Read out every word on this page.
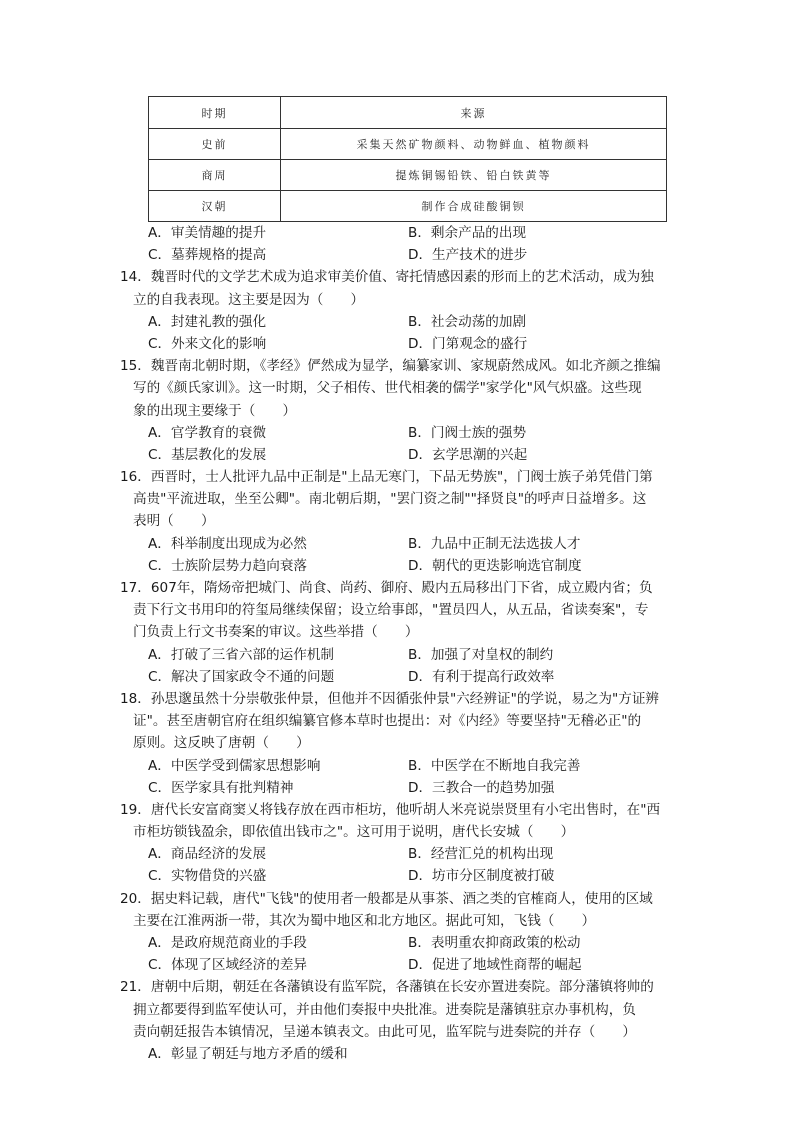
时期	来源
史前	采集天然矿物颜料、动物鲜血、植物颜料
商周	提炼铜锡铅铁、铅白铁黄等
汉朝	制作合成硅酸铜钡
A．审美情趣的提升	B．剩余产品的出现
C．墓葬规格的提高	D．生产技术的进步
14．魏晋时代的文学艺术成为追求审美价值、寄托情感因素的形而上的艺术活动，成为独
立的自我表现。这主要是因为（　　）
A．封建礼教的强化	B．社会动荡的加剧
C．外来文化的影响	D．门第观念的盛行
15．魏晋南北朝时期，《孝经》俨然成为显学，编纂家训、家规蔚然成风。如北齐颜之推编
写的《颜氏家训》。这一时期，父子相传、世代相袭的儒学"家学化"风气炽盛。这些现
象的出现主要缘于（　　）
A．官学教育的衰微	B．门阀士族的强势
C．基层教化的发展	D．玄学思潮的兴起
16．西晋时，士人批评九品中正制是"上品无寒门，下品无势族"，门阀士族子弟凭借门第
高贵"平流进取，坐至公卿"。南北朝后期，"罢门资之制""择贤良"的呼声日益增多。这
表明（　　）
A．科举制度出现成为必然	B．九品中正制无法选拔人才
C．士族阶层势力趋向衰落	D．朝代的更迭影响选官制度
17．607年，隋炀帝把城门、尚食、尚药、御府、殿内五局移出门下省，成立殿内省；负
责下行文书用印的符玺局继续保留；设立给事郎，"置员四人，从五品，省读奏案"，专
门负责上行文书奏案的审议。这些举措（　　）
A．打破了三省六部的运作机制	B．加强了对皇权的制约
C．解决了国家政令不通的问题	D．有利于提高行政效率
18．孙思邈虽然十分崇敬张仲景，但他并不因循张仲景"六经辨证"的学说，易之为"方证辨
证"。甚至唐朝官府在组织编纂官修本草时也提出：对《内经》等要坚持"无稽必正"的
原则。这反映了唐朝（　　）
A．中医学受到儒家思想影响	B．中医学在不断地自我完善
C．医学家具有批判精神	D．三教合一的趋势加强
19．唐代长安富商窦乂将钱存放在西市柜坊，他听胡人米亮说崇贤里有小宅出售时，在"西
市柜坊锁钱盈余，即依值出钱市之"。这可用于说明，唐代长安城（　　）
A．商品经济的发展	B．经营汇兑的机构出现
C．实物借贷的兴盛	D．坊市分区制度被打破
20．据史料记载，唐代"飞钱"的使用者一般都是从事茶、酒之类的官榷商人，使用的区域
主要在江淮两浙一带，其次为蜀中地区和北方地区。据此可知，飞钱（　　）
A．是政府规范商业的手段	B．表明重农抑商政策的松动
C．体现了区域经济的差异	D．促进了地域性商帮的崛起
21．唐朝中后期，朝廷在各藩镇设有监军院，各藩镇在长安亦置进奏院。部分藩镇将帅的
拥立都要得到监军使认可，并由他们奏报中央批准。进奏院是藩镇驻京办事机构，负
责向朝廷报告本镇情况，呈递本镇表文。由此可见，监军院与进奏院的并存（　　）
A．彰显了朝廷与地方矛盾的缓和
